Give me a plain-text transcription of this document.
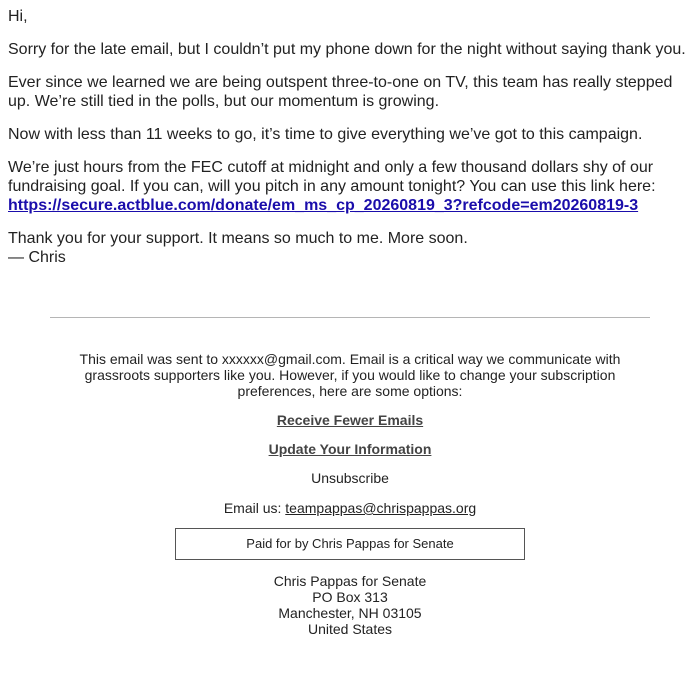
Hi,

Sorry for the late email, but I couldn’t put my phone down for the night without saying thank you.

Ever since we learned we are being outspent three-to-one on TV, this team has really stepped up. We’re still tied in the polls, but our momentum is growing.

Now with less than 11 weeks to go, it’s time to give everything we’ve got to this campaign.

We’re just hours from the FEC cutoff at midnight and only a few thousand dollars shy of our fundraising goal. If you can, will you pitch in any amount tonight? You can use this link here:
https://secure.actblue.com/donate/em_ms_cp_20260819_3?refcode=em20260819-3

Thank you for your support. It means so much to me. More soon.

— Chris

This email was sent to xxxxxx@gmail.com. Email is a critical way we communicate with grassroots supporters like you. However, if you would like to change your subscription preferences, here are some options:
Receive Fewer Emails
Update Your Information
Unsubscribe
Email us: teampappas@chrispappas.org
Paid for by Chris Pappas for Senate
Chris Pappas for Senate
PO Box 313
Manchester, NH 03105
United States
